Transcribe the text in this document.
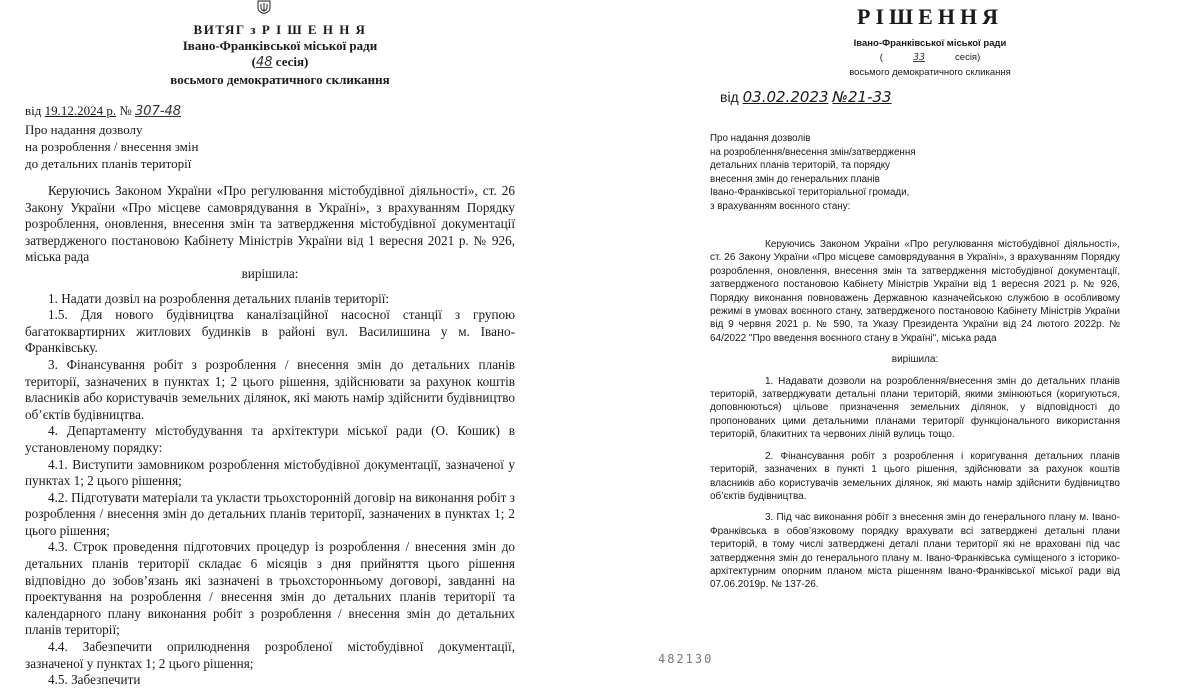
ВИТЯГ з Р І Ш Е Н Н Я
Івано-Франківської міської ради
(48 сесія)
восьмого демократичного скликання
від 19.12.2024 р. № 307-48
Про надання дозволу
на розроблення / внесення змін
до детальних планів території

Керуючись Законом України «Про регулювання містобудівної діяльності», ст. 26 Закону України «Про місцеве самоврядування в Україні», з врахуванням Порядку розроблення, оновлення, внесення змін та затвердження містобудівної документації затвердженого постановою Кабінету Міністрів України від 1 вересня 2021 р. № 926, міська рада

вирішила:

1. Надати дозвіл на розроблення детальних планів території:

1.5. Для нового будівництва каналізаційної насосної станції з групою багатоквартирних житлових будинків в районі вул. Василишина у м. Івано-Франківську.

3. Фінансування робіт з розроблення / внесення змін до детальних планів території, зазначених в пунктах 1; 2 цього рішення, здійснювати за рахунок коштів власників або користувачів земельних ділянок, які мають намір здійснити будівництво об’єктів будівництва.

4. Департаменту містобудування та архітектури міської ради (О. Кошик) в установленому порядку:

4.1. Виступити замовником розроблення містобудівної документації, зазначеної у пунктах 1; 2 цього рішення;

4.2. Підготувати матеріали та укласти трьохсторонній договір на виконання робіт з розроблення / внесення змін до детальних планів території, зазначених в пунктах 1; 2 цього рішення;

4.3. Строк проведення підготовчих процедур із розроблення / внесення змін до детальних планів території складає 6 місяців з дня прийняття цього рішення відповідно до зобов’язань які зазначені в трьохсторонньому договорі, завданні на проектування на розроблення / внесення змін до детальних планів території та календарного плану виконання робіт з розроблення / внесення змін до детальних планів території;

4.4. Забезпечити оприлюднення розробленої містобудівної документації, зазначеної у пунктах 1; 2 цього рішення;

4.5. Забезпечити

РІШЕННЯ
Івано-Франківської міської ради
(	33	сесія)
восьмого демократичного скликання
від 03.02.2023 №21-33
Про надання дозволів
на розроблення/внесення змін/затвердження
детальних планів територій, та порядку
внесення змін до генеральних планів
Івано-Франківської територіальної громади,
з врахуванням воєнного стану:

Керуючись Законом України «Про регулювання містобудівної діяльності», ст. 26 Закону України «Про місцеве самоврядування в Україні», з врахуванням Порядку розроблення, оновлення, внесення змін та затвердження містобудівної документації, затвердженого постановою Кабінету Міністрів України від 1 вересня 2021 р. № 926, Порядку виконання повноважень Державною казначейською службою в особливому режимі в умовах воєнного стану, затвердженого постановою Кабінету Міністрів України від 9 червня 2021 р. № 590, та Указу Президента України від 24 лютого 2022р. № 64/2022 "Про введення воєнного стану в Україні", міська рада

вирішила:

1. Надавати дозволи на розроблення/внесення змін до детальних планів територій, затверджувати детальні плани територій, якими змінюються (коригуються, доповнюються) цільове призначення земельних ділянок, у відповідності до пропонованих цими детальними планами території функціонального використання територій, блакитних та червоних ліній вулиць тощо.

2. Фінансування робіт з розроблення і коригування детальних планів територій, зазначених в пункті 1 цього рішення, здійснювати за рахунок коштів власників або користувачів земельних ділянок, які мають намір здійснити будівництво об’єктів будівництва.

3. Під час виконання робіт з внесення змін до генерального плану м. Івано-Франківська в обов’язковому порядку врахувати всі затверджені детальні плани територій, в тому числі затверджені деталі плани території які не враховані під час затвердження змін до генерального плану м. Івано-Франківська суміщеного з історико-архітектурним опорним планом міста рішенням Івано-Франківської міської ради від 07.06.2019р. № 137-26.

482130
